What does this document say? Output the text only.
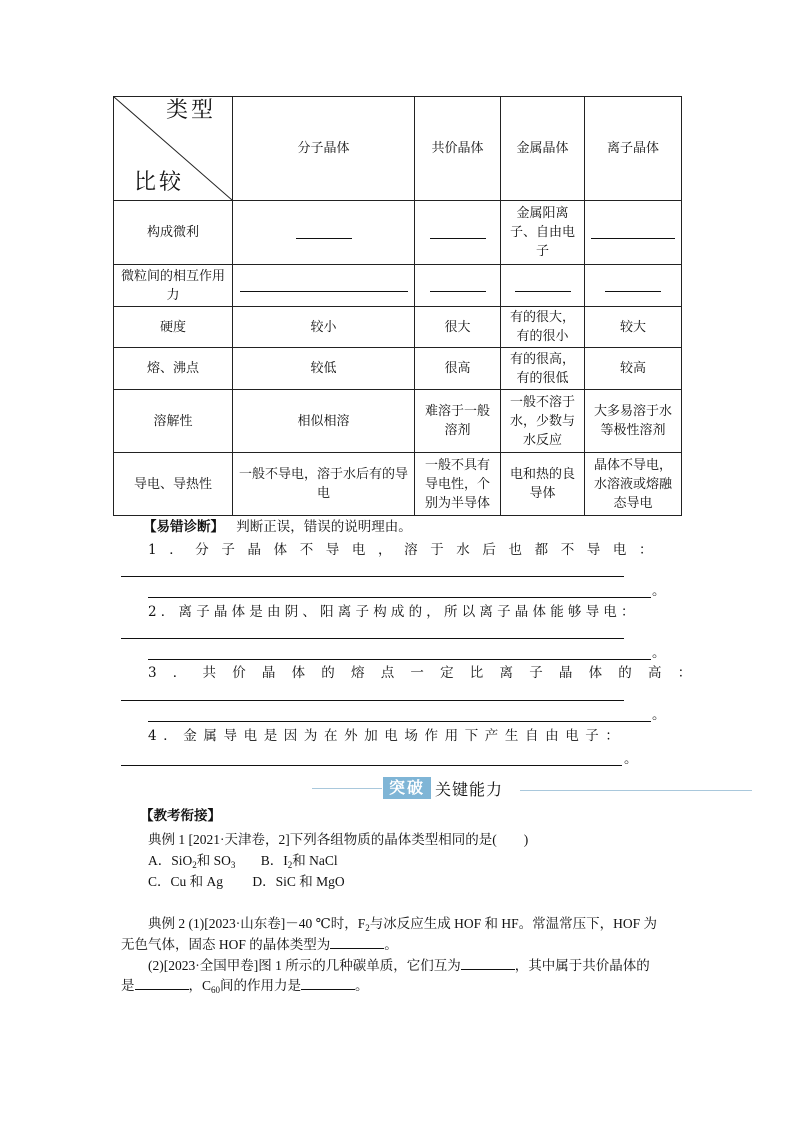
类型
比较	分子晶体	共价晶体	金属晶体	离子晶体
构成微利			金属阳离子、自由电子	
微粒间的相互作用力				
硬度	较小	很大	有的很大，有的很小	较大
熔、沸点	较低	很高	有的很高，有的很低	较高
溶解性	相似相溶	难溶于一般溶剂	一般不溶于水，少数与水反应	大多易溶于水等极性溶剂
导电、导热性	一般不导电，溶于水后有的导电	一般不具有导电性，个别为半导体	电和热的良导体	晶体不导电，水溶液或熔融态导电
【易错诊断】 判断正误，错误的说明理由。
1．分子晶体不导电，溶于水后也都不导电：
。
2．离子晶体是由阴、阳离子构成的，所以离子晶体能够导电：
。
3．共价晶体的熔点一定比离子晶体的高：
。
4．金属导电是因为在外加电场作用下产生自由电子：
。
突破 关键能力
【教考衔接】
典例 1 [2021·天津卷，2]下列各组物质的晶体类型相同的是(　　)
A．SiO$_2$和 $SO_3$ B．$I_2$和 NaCl
C．Cu 和 Ag D．SiC 和 MgO
典例 2 (1)[2023·山东卷]－40 ℃时，$F_2$与冰反应生成 HOF 和 HF。常温常压下，HOF 为
无色气体，固态 HOF 的晶体类型为	。
(2)[2023·全国甲卷]图 1 所示的几种碳单质，它们互为	，其中属于共价晶体的
是	，$C_{60}$间的作用力是	。
